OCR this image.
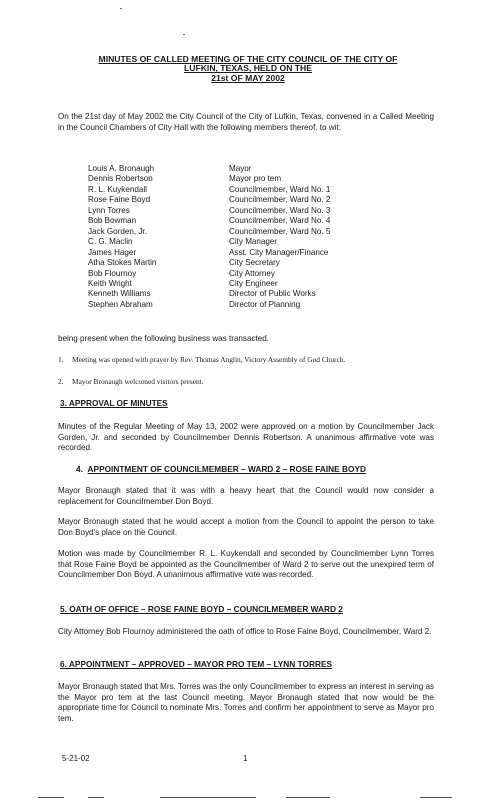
MINUTES OF CALLED MEETING OF THE CITY COUNCIL OF THE CITY OF
LUFKIN, TEXAS, HELD ON THE
21st OF MAY 2002

On the 21st day of May 2002 the City Council of the City of Lufkin, Texas, convened in a Called Meeting in the Council Chambers of City Hall with the following members thereof, to wit:

Louis A. Bronaugh	Mayor
Dennis Robertson	Mayor pro tem
R. L. Kuykendall	Councilmember, Ward No. 1
Rose Faine Boyd	Councilmember, Ward No. 2
Lynn Torres	Councilmember, Ward No. 3
Bob Bowman	Councilmember, Ward No. 4
Jack Gorden, Jr.	Councilmember, Ward No. 5
C. G. Maclin	City Manager
James Hager	Asst. City Manager/Finance
Atha Stokes Martin	City Secretary
Bob Flournoy	City Attorney
Keith Wright	City Engineer
Kenneth Williams	Director of Public Works
Stephen Abraham	Director of Planning

being present when the following business was transacted.

1. Meeting was opened with prayer by Rev. Thomas Anglin, Victory Assembly of God Church.
2. Mayor Bronaugh welcomed visitors present.
3. APPROVAL OF MINUTES

Minutes of the Regular Meeting of May 13, 2002 were approved on a motion by Councilmember Jack Gorden, Jr. and seconded by Councilmember Dennis Robertson. A unanimous affirmative vote was recorded.

4. APPOINTMENT OF COUNCILMEMBER – WARD 2 – ROSE FAINE BOYD

Mayor Bronaugh stated that it was with a heavy heart that the Council would now consider a replacement for Councilmember Don Boyd.

Mayor Bronaugh stated that he would accept a motion from the Council to appoint the person to take Don Boyd's place on the Council.

Motion was made by Councilmember R. L. Kuykendall and seconded by Councilmember Lynn Torres that Rose Faine Boyd be appointed as the Councilmember of Ward 2 to serve out the unexpired term of Councilmember Don Boyd. A unanimous affirmative vote was recorded.

5. OATH OF OFFICE – ROSE FAINE BOYD – COUNCILMEMBER WARD 2

City Attorney Bob Flournoy administered the oath of office to Rose Faine Boyd, Councilmember, Ward 2.

6. APPOINTMENT – APPROVED – MAYOR PRO TEM – LYNN TORRES

Mayor Bronaugh stated that Mrs. Torres was the only Councilmember to express an interest in serving as the Mayor pro tem at the last Council meeting. Mayor Bronaugh stated that now would be the appropriate time for Council to nominate Mrs. Torres and confirm her appointment to serve as Mayor pro tem.

5-21-02	1
